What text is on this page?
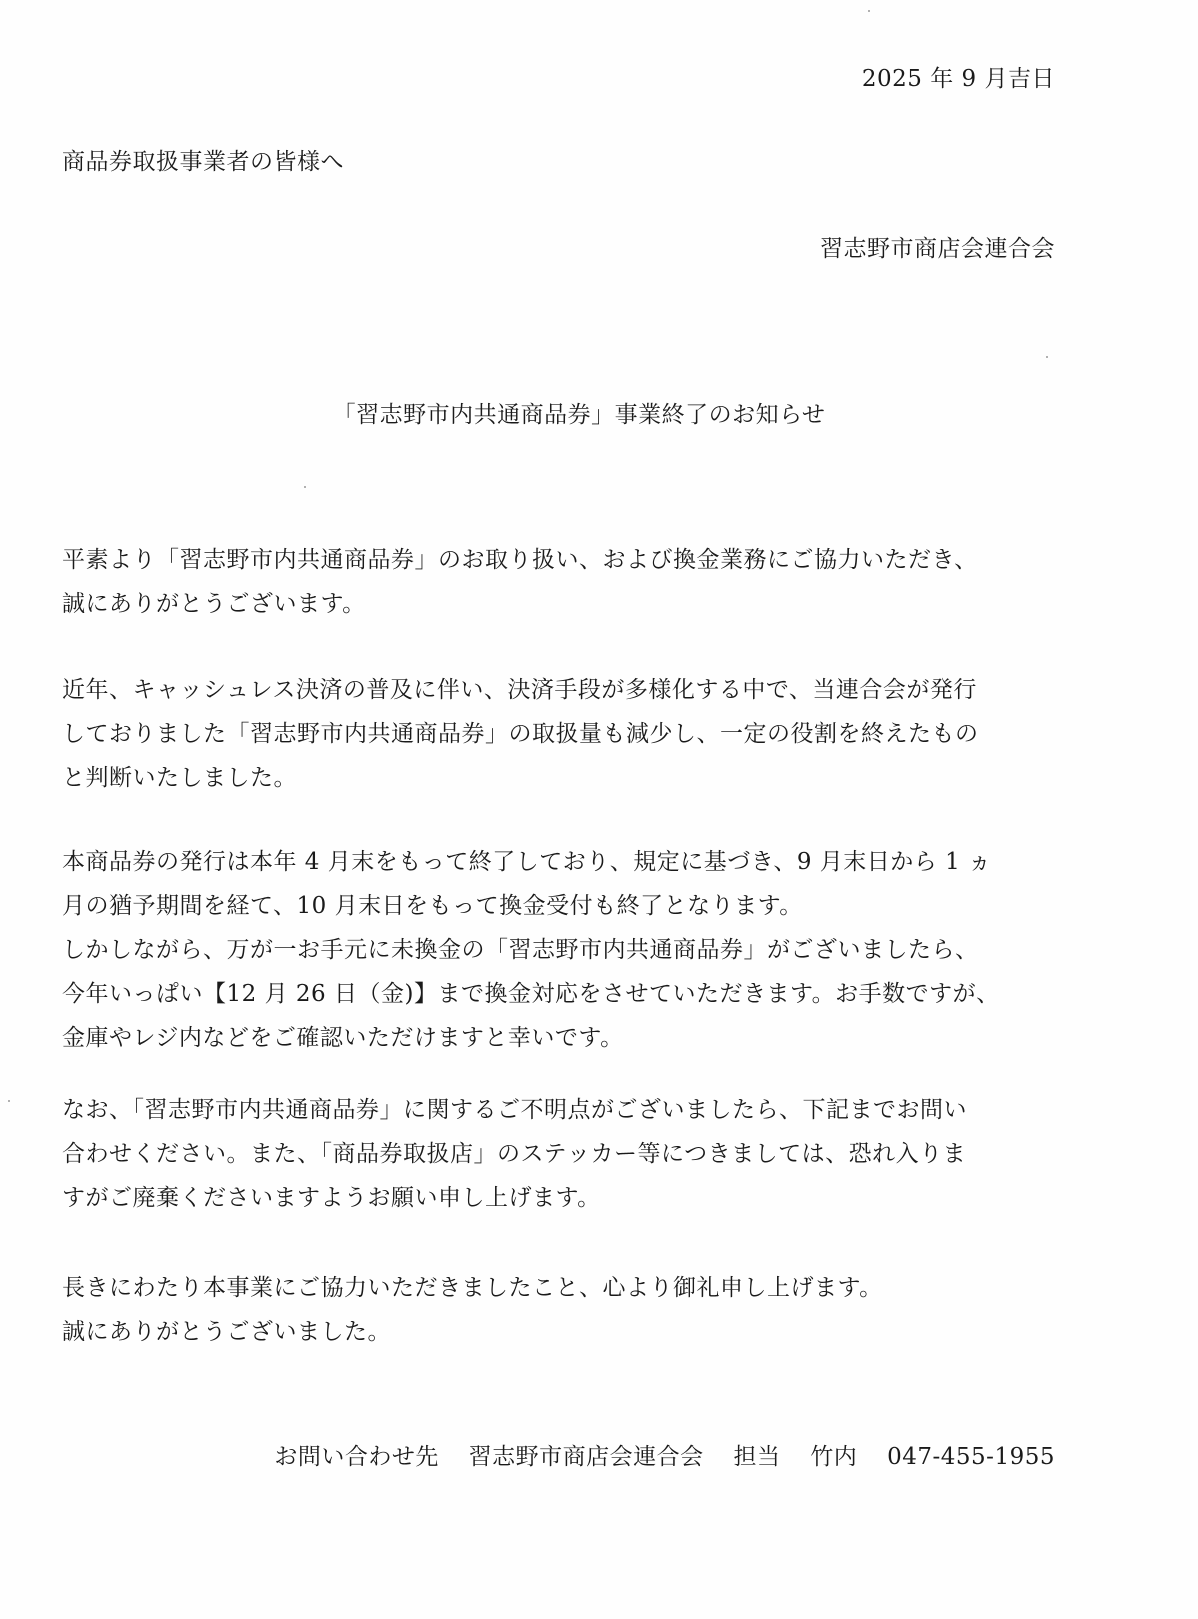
2025 年 9 月吉日
商品券取扱事業者の皆様へ
習志野市商店会連合会
「習志野市内共通商品券」事業終了のお知らせ
平素より「習志野市内共通商品券」のお取り扱い、および換金業務にご協力いただき、
誠にありがとうございます。
近年、キャッシュレス決済の普及に伴い、決済手段が多様化する中で、当連合会が発行
しておりました「習志野市内共通商品券」の取扱量も減少し、一定の役割を終えたもの
と判断いたしました。
本商品券の発行は本年 4 月末をもって終了しており、規定に基づき、9 月末日から 1 ヵ
月の猶予期間を経て、10 月末日をもって換金受付も終了となります。
しかしながら、万が一お手元に未換金の「習志野市内共通商品券」がございましたら、
今年いっぱい【12 月 26 日（金)】まで換金対応をさせていただきます。お手数ですが、
金庫やレジ内などをご確認いただけますと幸いです。
なお、「習志野市内共通商品券」に関するご不明点がございましたら、下記までお問い
合わせください。また、「商品券取扱店」のステッカー等につきましては、恐れ入りま
すがご廃棄くださいますようお願い申し上げます。
長きにわたり本事業にご協力いただきましたこと、心より御礼申し上げます。
誠にありがとうございました。
お問い合わせ先 習志野市商店会連合会 担当 竹内 047-455-1955
